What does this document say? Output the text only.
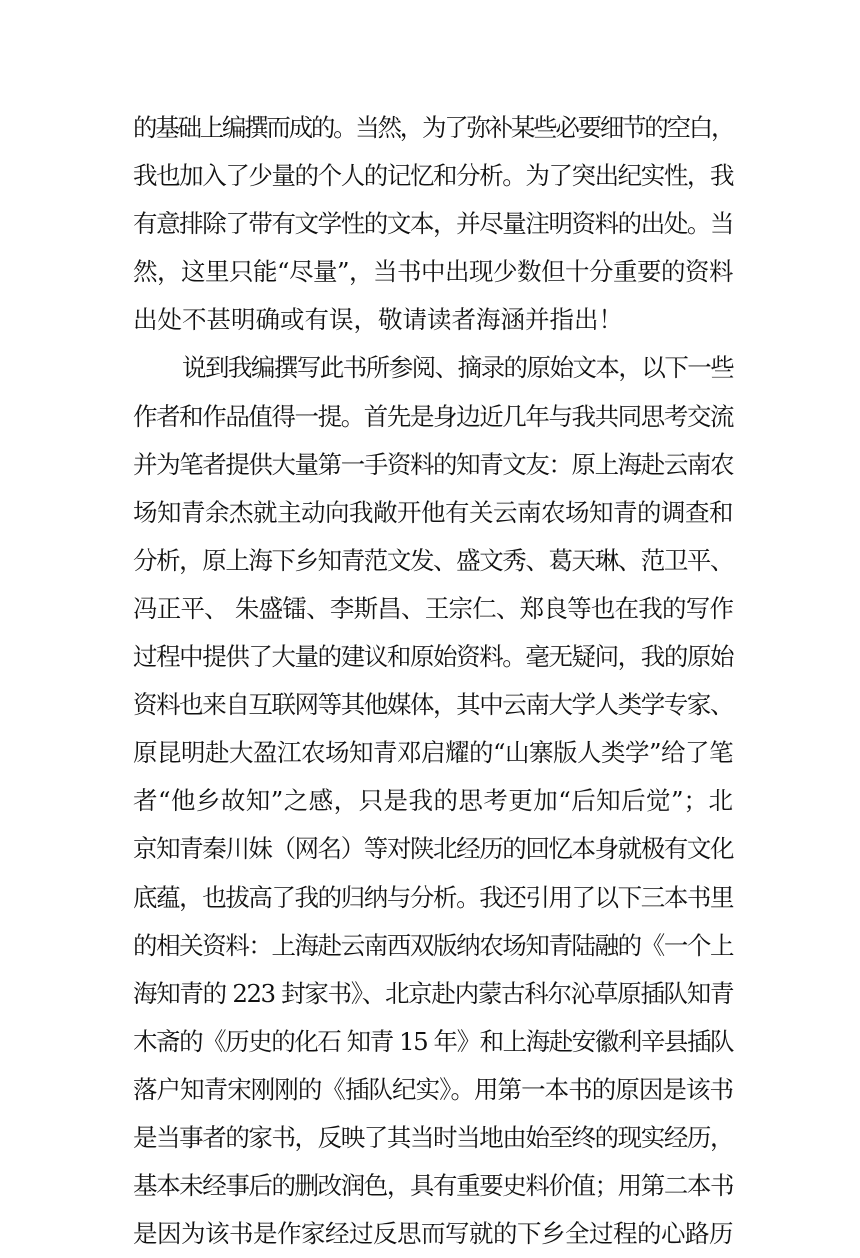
的基础上编撰而成的。当然，为了弥补某些必要细节的空白，
我也加入了少量的个人的记忆和分析。为了突出纪实性，我
有意排除了带有文学性的文本，并尽量注明资料的出处。当
然，这里只能“尽量”，当书中出现少数但十分重要的资料
出处不甚明确或有误，敬请读者海涵并指出！
说到我编撰写此书所参阅、摘录的原始文本，以下一些
作者和作品值得一提。首先是身边近几年与我共同思考交流
并为笔者提供大量第一手资料的知青文友：原上海赴云南农
场知青余杰就主动向我敞开他有关云南农场知青的调查和
分析，原上海下乡知青范文发、盛文秀、葛天琳、范卫平、
冯正平、 朱盛镭、李斯昌、王宗仁、郑良等也在我的写作
过程中提供了大量的建议和原始资料。毫无疑问，我的原始
资料也来自互联网等其他媒体，其中云南大学人类学专家、
原昆明赴大盈江农场知青邓启耀的“山寨版人类学”给了笔
者“他乡故知”之感，只是我的思考更加“后知后觉”；北
京知青秦川妹（网名）等对陕北经历的回忆本身就极有文化
底蕴，也拔高了我的归纳与分析。我还引用了以下三本书里
的相关资料：上海赴云南西双版纳农场知青陆融的《一个上
海知青的 223 封家书》、北京赴内蒙古科尔沁草原插队知青
木斋的《历史的化石 知青 15 年》和上海赴安徽利辛县插队
落户知青宋刚刚的《插队纪实》。用第一本书的原因是该书
是当事者的家书，反映了其当时当地由始至终的现实经历，
基本未经事后的删改润色，具有重要史料价值；用第二本书
是因为该书是作家经过反思而写就的下乡全过程的心路历
